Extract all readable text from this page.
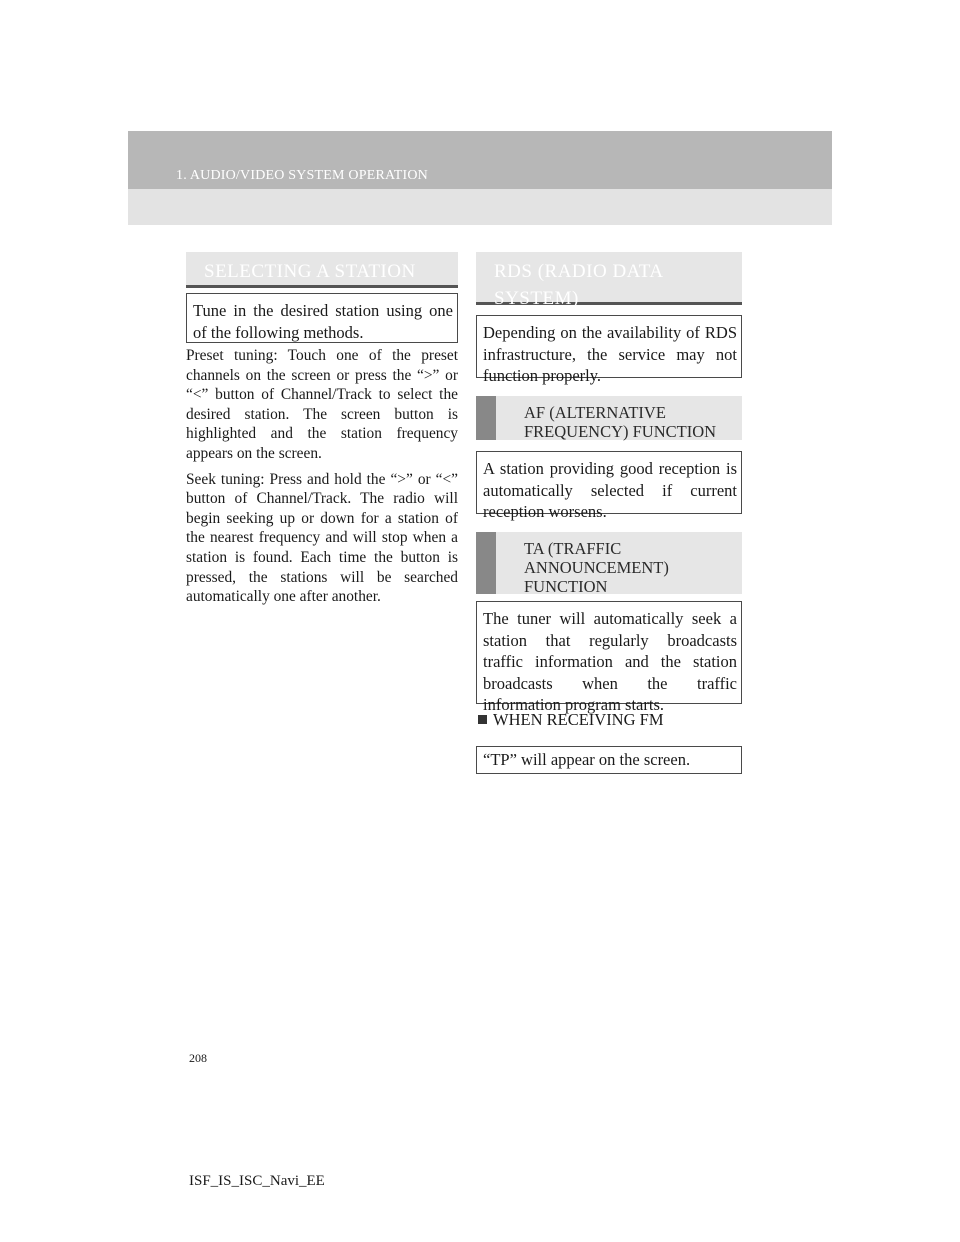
1. AUDIO/VIDEO SYSTEM OPERATION
SELECTING A STATION
Tune in the desired station using one of the following methods.

Preset tuning: Touch one of the preset channels on the screen or press the “>” or “<” button of Channel/Track to select the desired station. The screen button is highlighted and the station frequency appears on the screen.

Seek tuning: Press and hold the “>” or “<” button of Channel/Track. The radio will begin seeking up or down for a station of the nearest frequency and will stop when a station is found. Each time the button is pressed, the stations will be searched automatically one after another.

RDS (RADIO DATA SYSTEM)
Depending on the availability of RDS infrastructure, the service may not function properly.
AF (ALTERNATIVE FREQUENCY) FUNCTION
A station providing good reception is automatically selected if current reception worsens.
TA (TRAFFIC ANNOUNCEMENT) FUNCTION
The tuner will automatically seek a station that regularly broadcasts traffic information and the station broadcasts when the traffic information program starts.
WHEN RECEIVING FM
“TP” will appear on the screen.
208
ISF_IS_ISC_Navi_EE
